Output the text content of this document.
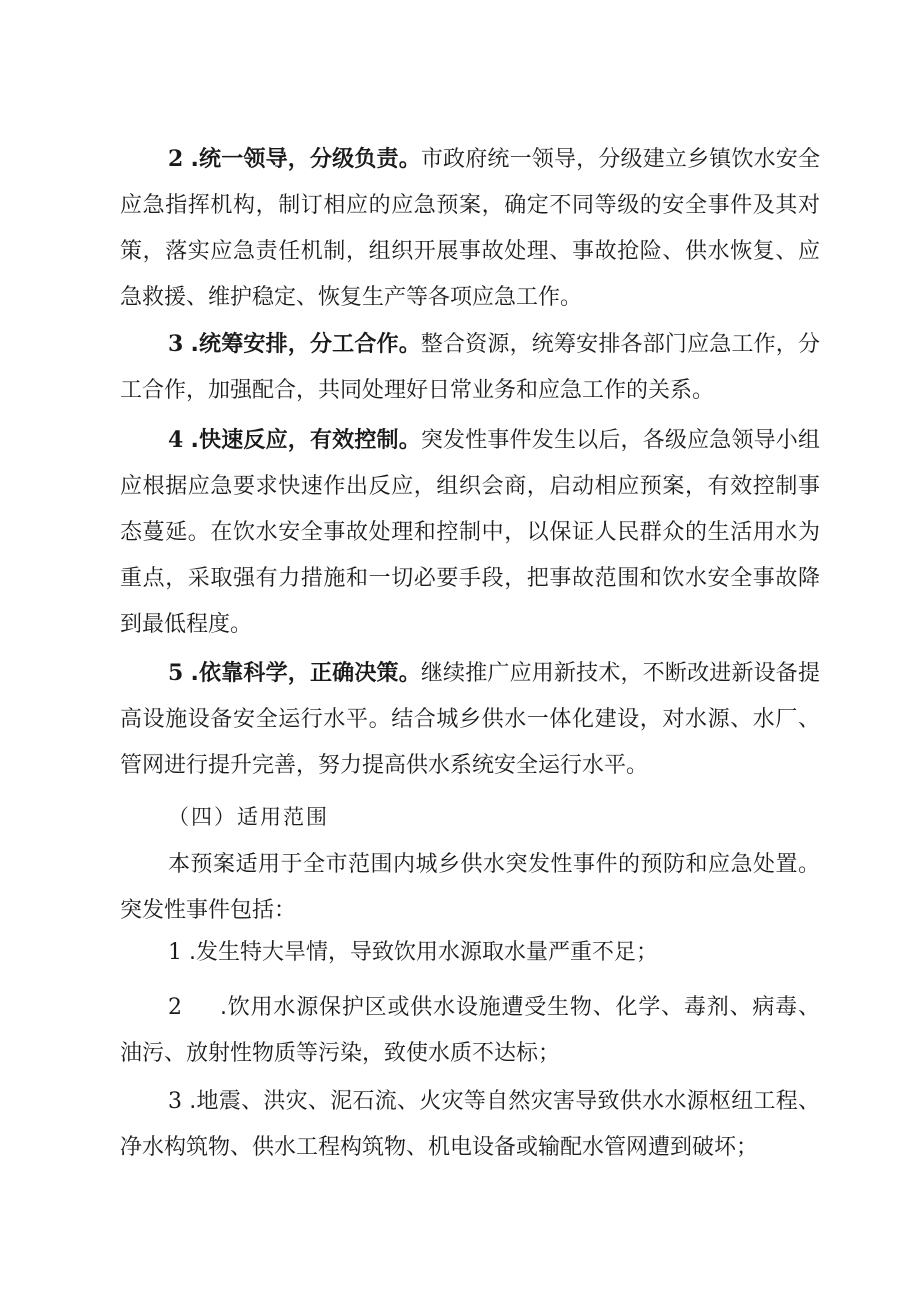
2 .统一领导，分级负责。市政府统一领导，分级建立乡镇饮水安全应急指挥机构，制订相应的应急预案，确定不同等级的安全事件及其对策，落实应急责任机制，组织开展事故处理、事故抢险、供水恢复、应急救援、维护稳定、恢复生产等各项应急工作。

3 .统筹安排，分工合作。整合资源，统筹安排各部门应急工作，分工合作，加强配合，共同处理好日常业务和应急工作的关系。

4 .快速反应，有效控制。突发性事件发生以后，各级应急领导小组应根据应急要求快速作出反应，组织会商，启动相应预案，有效控制事态蔓延。在饮水安全事故处理和控制中，以保证人民群众的生活用水为重点，采取强有力措施和一切必要手段，把事故范围和饮水安全事故降到最低程度。

5 .依靠科学，正确决策。继续推广应用新技术，不断改进新设备提高设施设备安全运行水平。结合城乡供水一体化建设，对水源、水厂、管网进行提升完善，努力提高供水系统安全运行水平。

（四）适用范围

本预案适用于全市范围内城乡供水突发性事件的预防和应急处置。突发性事件包括：

1 .发生特大旱情，导致饮用水源取水量严重不足；

2 .饮用水源保护区或供水设施遭受生物、化学、毒剂、病毒、油污、放射性物质等污染，致使水质不达标；

3 .地震、洪灾、泥石流、火灾等自然灾害导致供水水源枢纽工程、净水构筑物、供水工程构筑物、机电设备或输配水管网遭到破坏；
